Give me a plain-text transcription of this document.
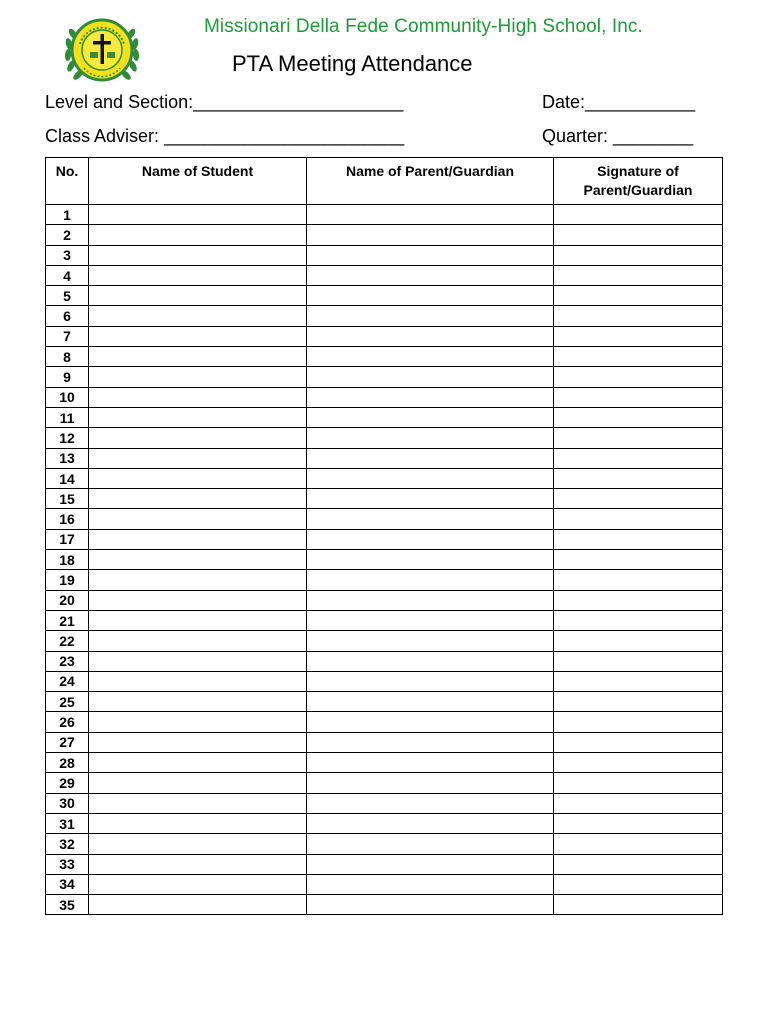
Missionari Della Fede Community-High School, Inc.
PTA Meeting Attendance
Level and Section:_____________________	Date:___________
Class Adviser: ________________________	Quarter: ________
No.	Name of Student	Name of Parent/Guardian	Signature of Parent/Guardian
1			
2			
3			
4			
5			
6			
7			
8			
9			
10			
11			
12			
13			
14			
15			
16			
17			
18			
19			
20			
21			
22			
23			
24			
25			
26			
27			
28			
29			
30			
31			
32			
33			
34			
35			
